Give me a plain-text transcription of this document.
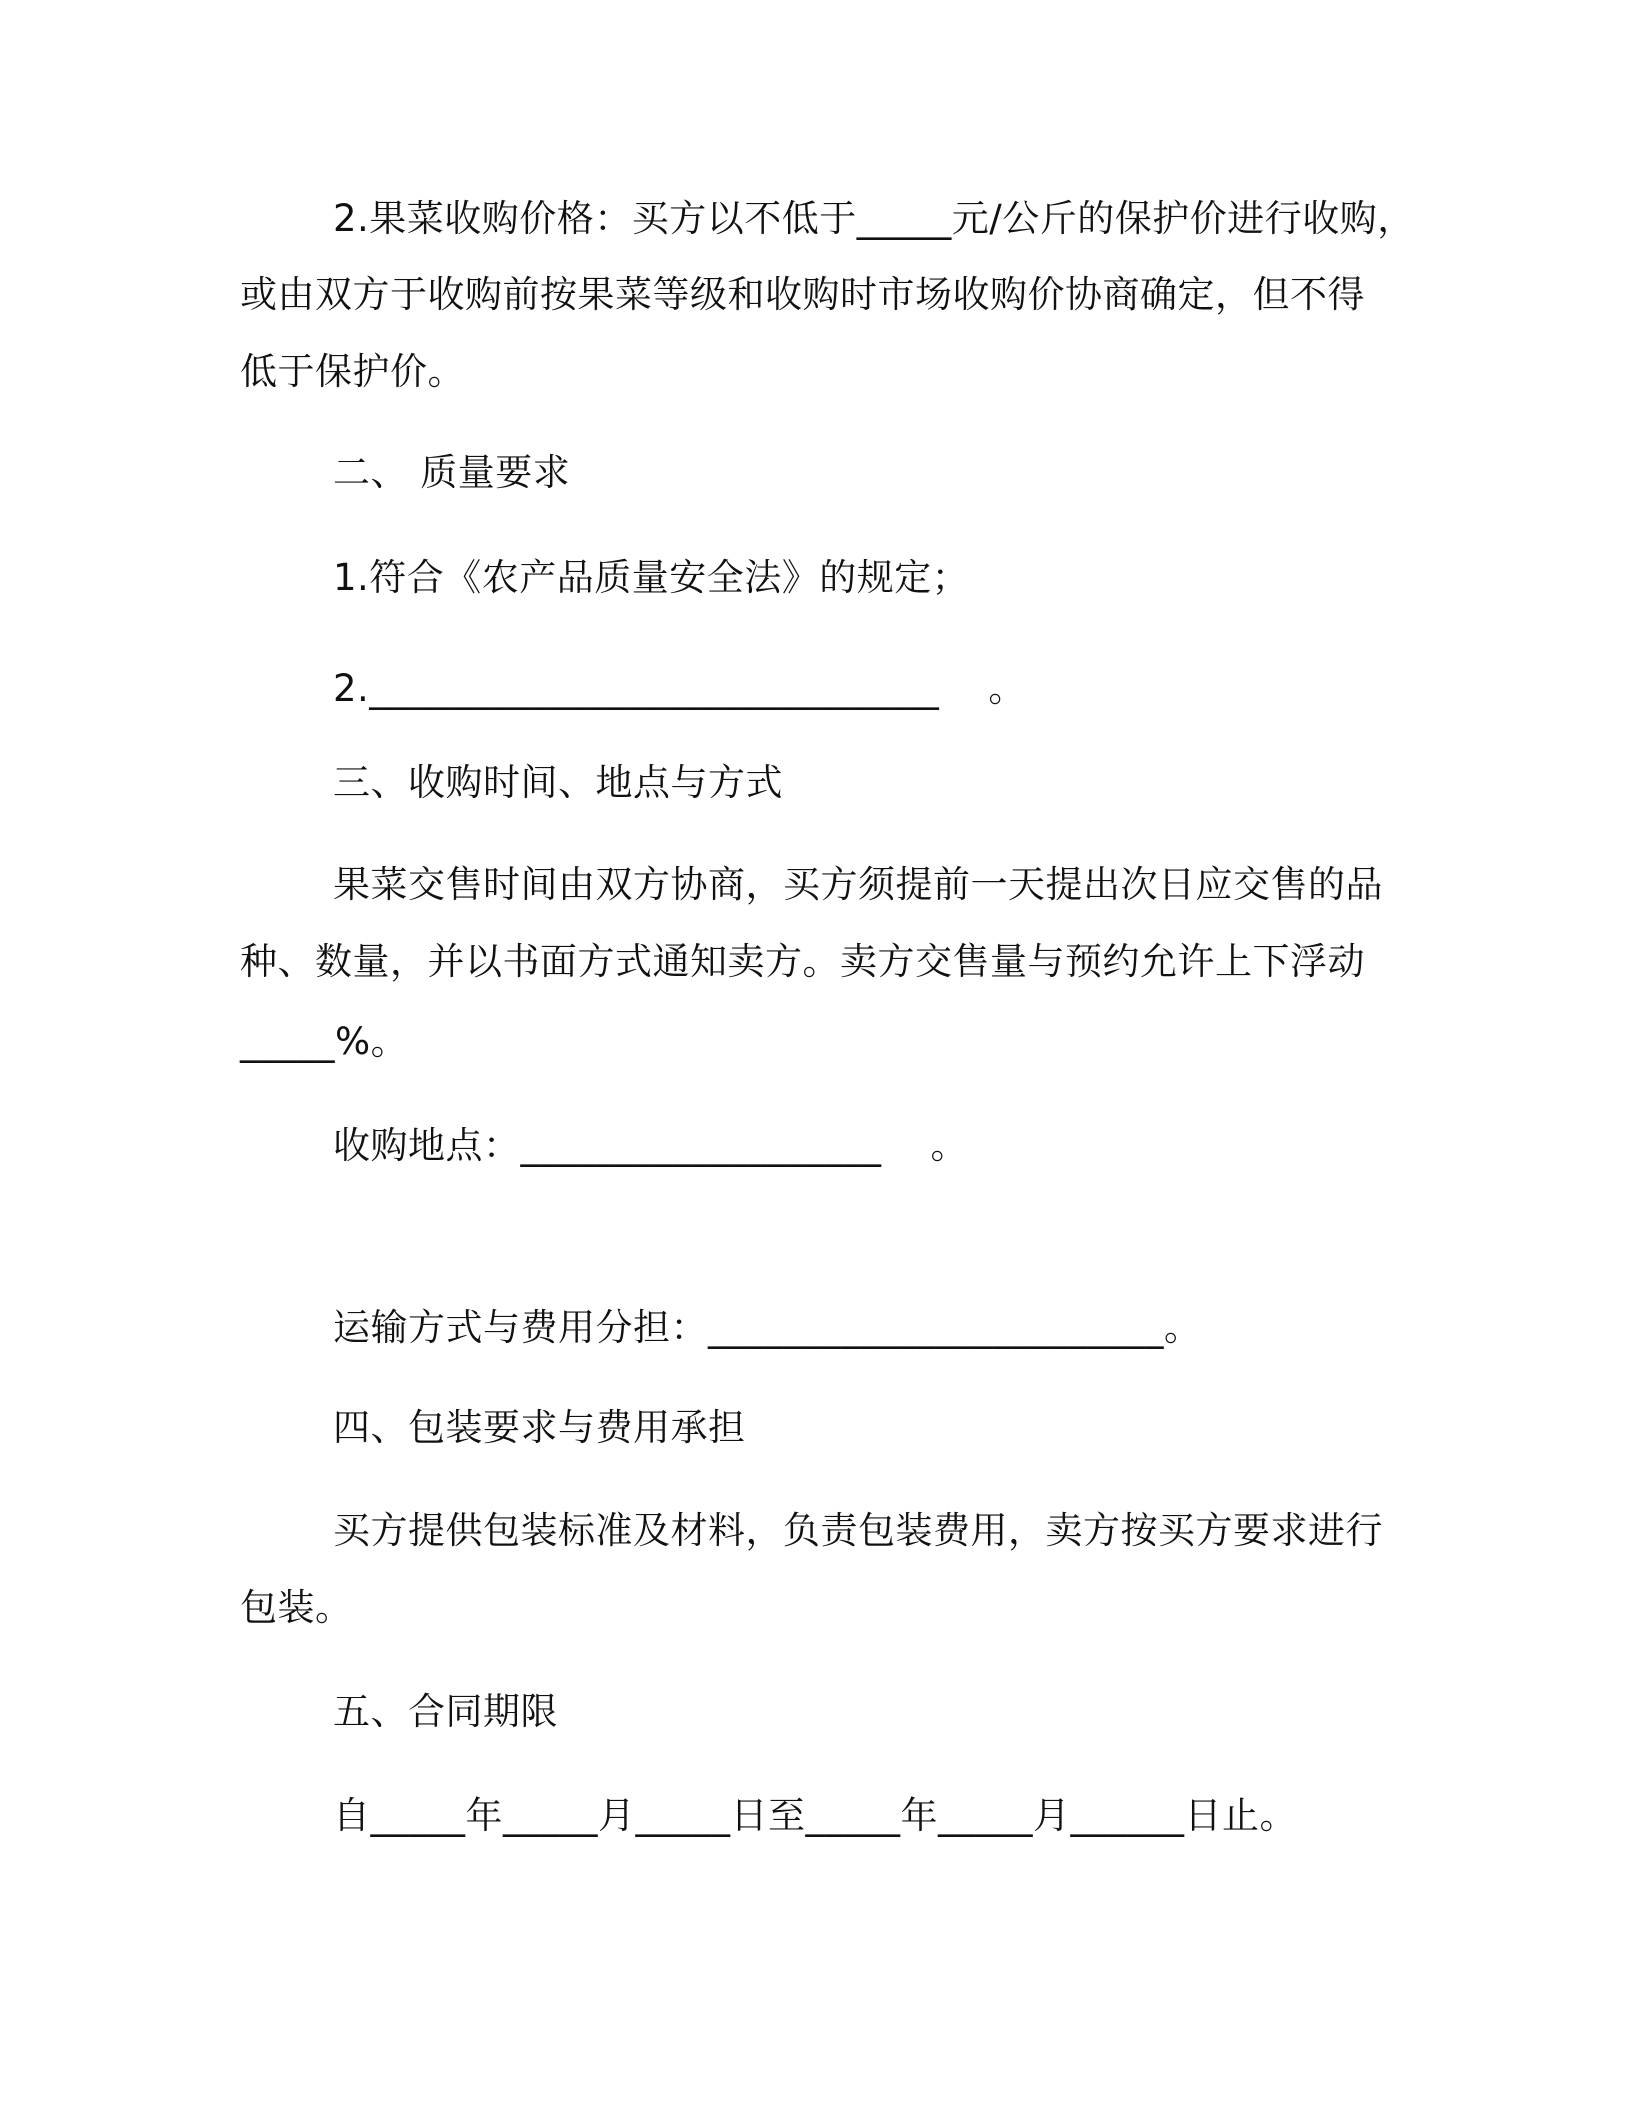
2.果菜收购价格：买方以不低于_____元/公斤的保护价进行收购，
或由双方于收购前按果菜等级和收购时市场收购价协商确定，但不得
低于保护价。
二、 质量要求
1.符合《农产品质量安全法》的规定；
2.______________________________    。
三、收购时间、地点与方式
果菜交售时间由双方协商，买方须提前一天提出次日应交售的品
种、数量，并以书面方式通知卖方。卖方交售量与预约允许上下浮动
_____%。
收购地点：___________________    。
运输方式与费用分担：________________________。
四、包装要求与费用承担
买方提供包装标准及材料，负责包装费用，卖方按买方要求进行
包装。
五、合同期限
自_____年_____月_____日至_____年_____月______日止。
